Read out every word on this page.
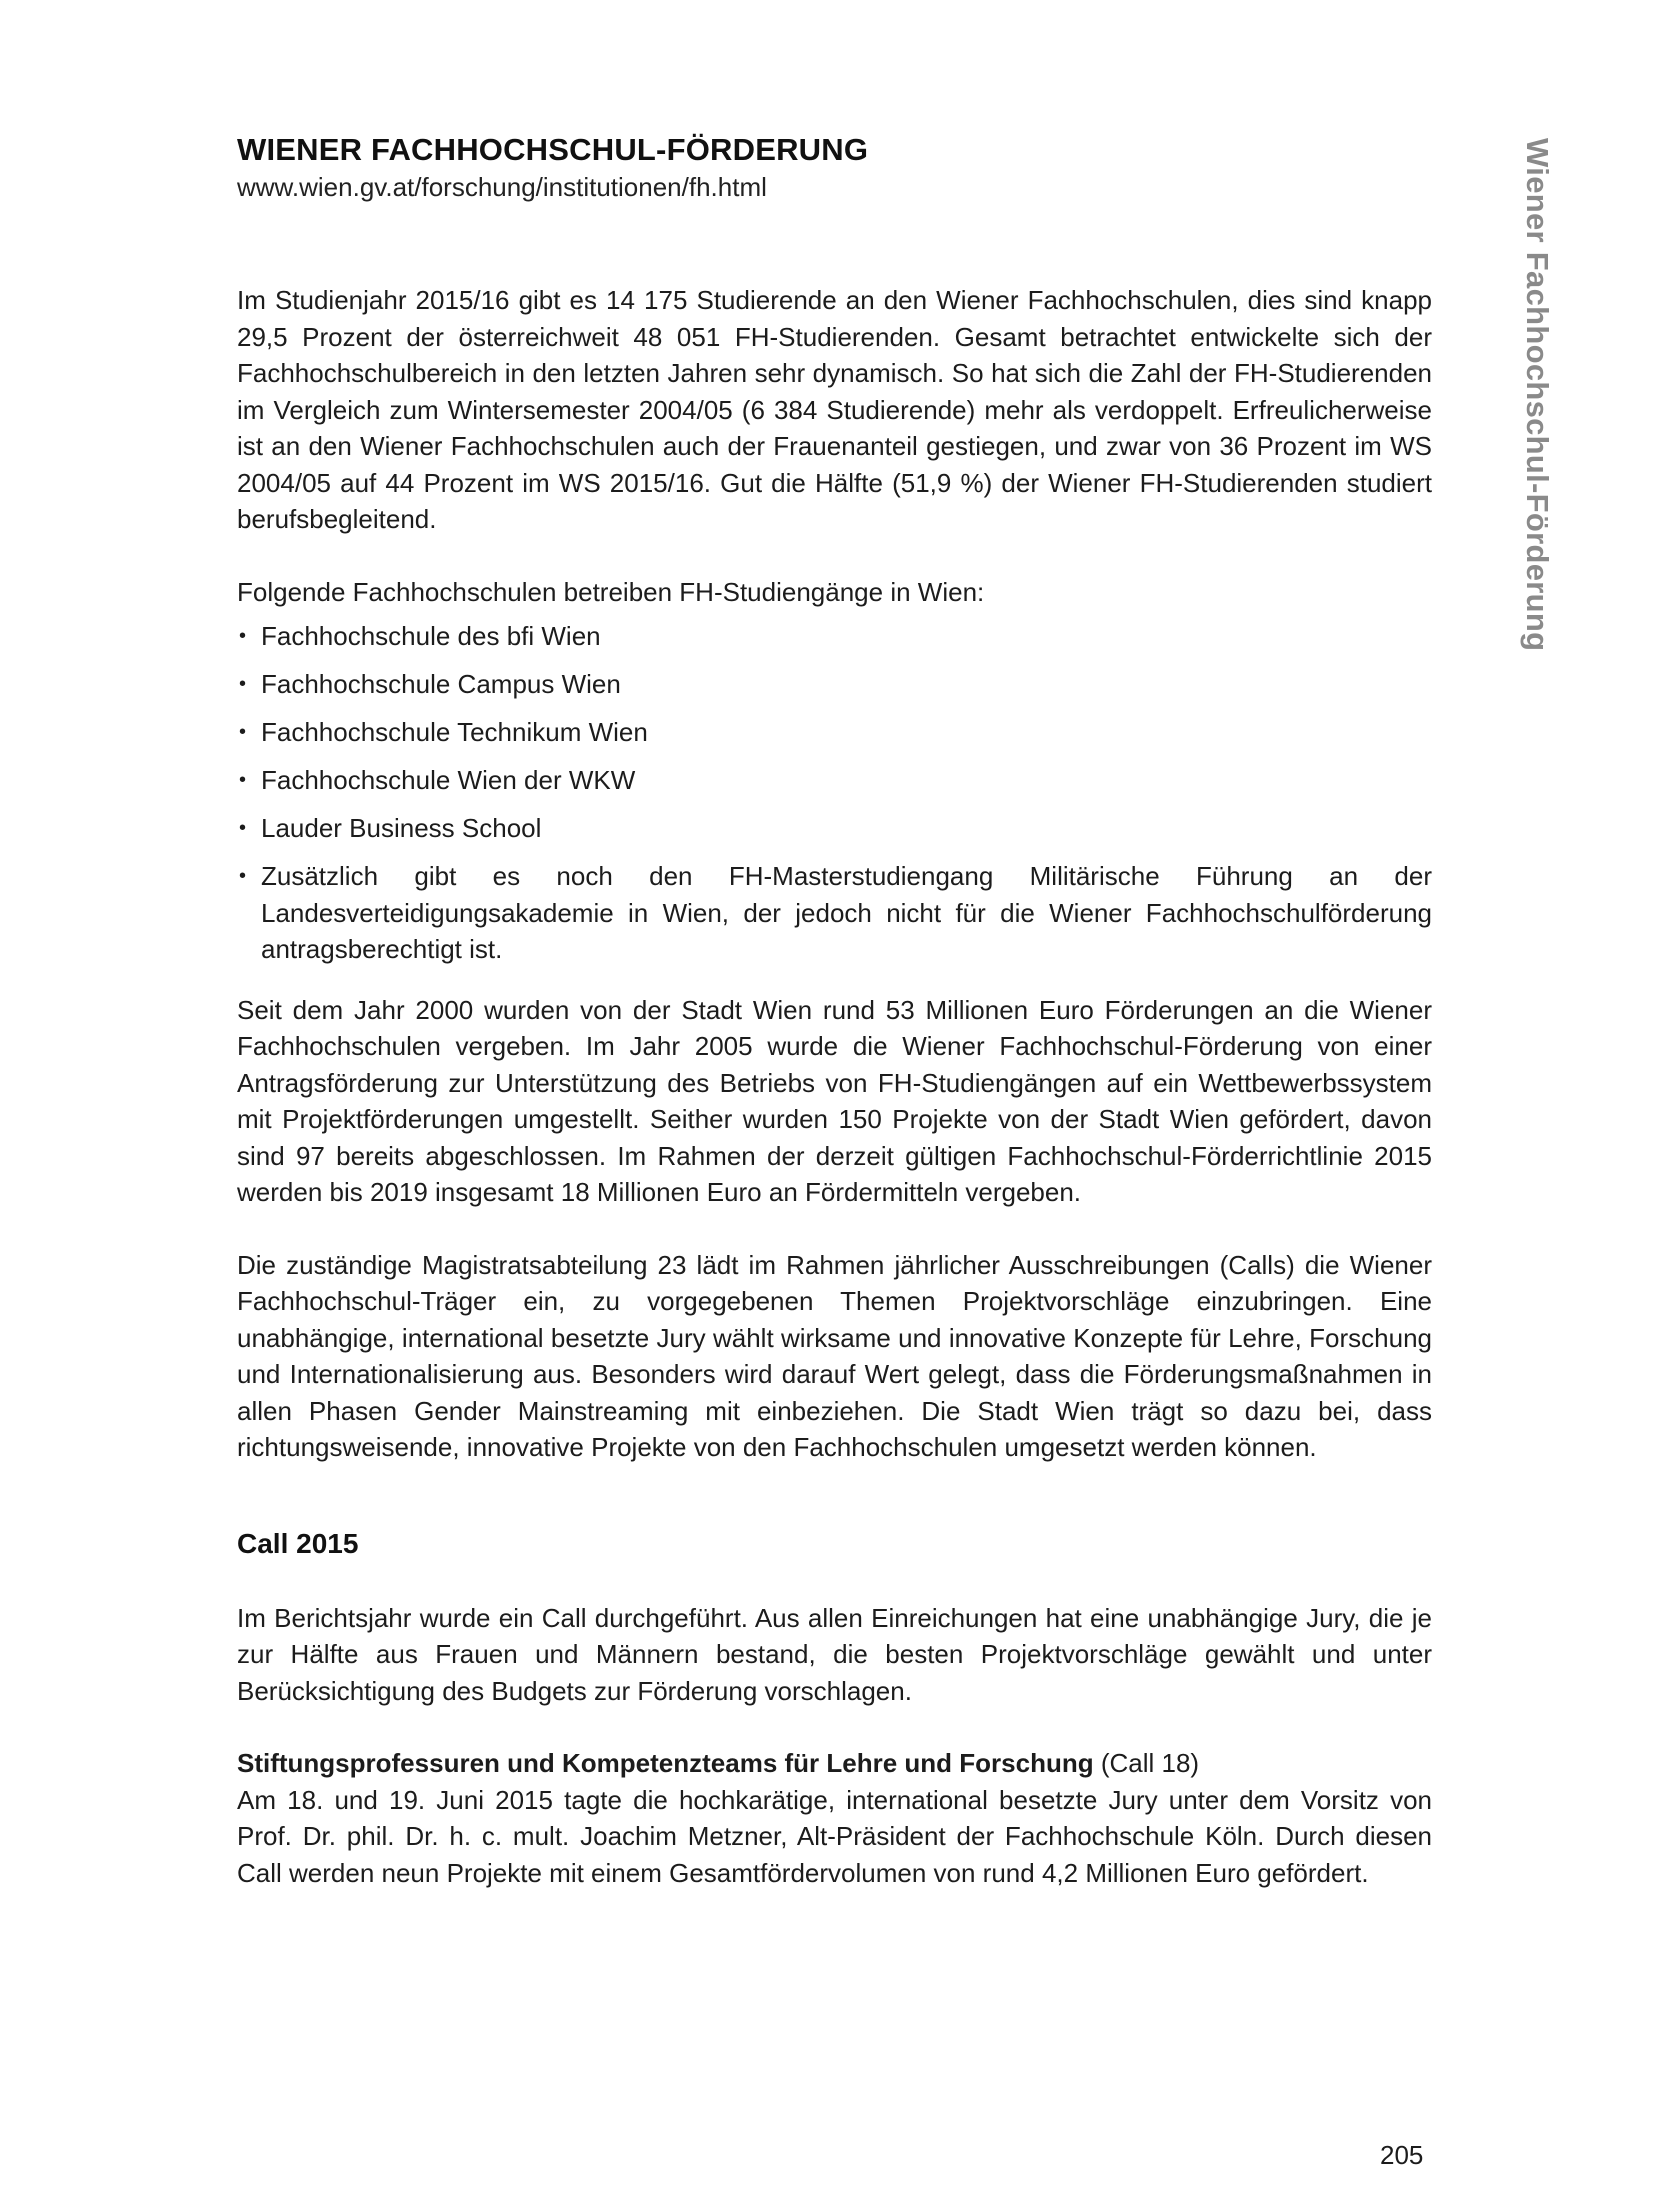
WIENER FACHHOCHSCHUL-FÖRDERUNG

www.wien.gv.at/forschung/institutionen/fh.html

Im Studienjahr 2015/16 gibt es 14 175 Studierende an den Wiener Fachhochschulen, dies sind knapp 29,5 Prozent der österreichweit 48 051 FH-Studierenden. Gesamt betrachtet entwickelte sich der Fachhochschulbereich in den letzten Jahren sehr dynamisch. So hat sich die Zahl der FH-Studierenden im Vergleich zum Wintersemester 2004/05 (6 384 Studierende) mehr als verdoppelt. Erfreulicherweise ist an den Wiener Fachhochschulen auch der Frauenanteil gestiegen, und zwar von 36 Prozent im WS 2004/05 auf 44 Prozent im WS 2015/16. Gut die Hälfte (51,9 %) der Wiener FH-Studierenden studiert berufsbegleitend.

Folgende Fachhochschulen betreiben FH-Studiengänge in Wien:

• Fachhochschule des bfi Wien
• Fachhochschule Campus Wien
• Fachhochschule Technikum Wien
• Fachhochschule Wien der WKW
• Lauder Business School
• Zusätzlich gibt es noch den FH-Masterstudiengang Militärische Führung an der Landesverteidigungsakademie in Wien, der jedoch nicht für die Wiener Fachhochschulförderung antragsberechtigt ist.

Seit dem Jahr 2000 wurden von der Stadt Wien rund 53 Millionen Euro Förderungen an die Wiener Fachhochschulen vergeben. Im Jahr 2005 wurde die Wiener Fachhochschul-Förderung von einer Antragsförderung zur Unterstützung des Betriebs von FH-Studiengängen auf ein Wettbewerbssystem mit Projektförderungen umgestellt. Seither wurden 150 Projekte von der Stadt Wien gefördert, davon sind 97 bereits abgeschlossen. Im Rahmen der derzeit gültigen Fachhochschul-Förderrichtlinie 2015 werden bis 2019 insgesamt 18 Millionen Euro an Fördermitteln vergeben.

Die zuständige Magistratsabteilung 23 lädt im Rahmen jährlicher Ausschreibungen (Calls) die Wiener Fachhochschul-Träger ein, zu vorgegebenen Themen Projektvorschläge einzubringen. Eine unabhängige, international besetzte Jury wählt wirksame und innovative Konzepte für Lehre, Forschung und Internationalisierung aus. Besonders wird darauf Wert gelegt, dass die Förderungsmaßnahmen in allen Phasen Gender Mainstreaming mit einbeziehen. Die Stadt Wien trägt so dazu bei, dass richtungsweisende, innovative Projekte von den Fachhochschulen umgesetzt werden können.

Call 2015

Im Berichtsjahr wurde ein Call durchgeführt. Aus allen Einreichungen hat eine unabhängige Jury, die je zur Hälfte aus Frauen und Männern bestand, die besten Projektvorschläge gewählt und unter Berücksichtigung des Budgets zur Förderung vorschlagen.

Stiftungsprofessuren und Kompetenzteams für Lehre und Forschung (Call 18)

Am 18. und 19. Juni 2015 tagte die hochkarätige, international besetzte Jury unter dem Vorsitz von Prof. Dr. phil. Dr. h. c. mult. Joachim Metzner, Alt-Präsident der Fachhochschule Köln. Durch diesen Call werden neun Projekte mit einem Gesamtfördervolumen von rund 4,2 Millionen Euro gefördert.

Wiener Fachhochschul-Förderung
205
